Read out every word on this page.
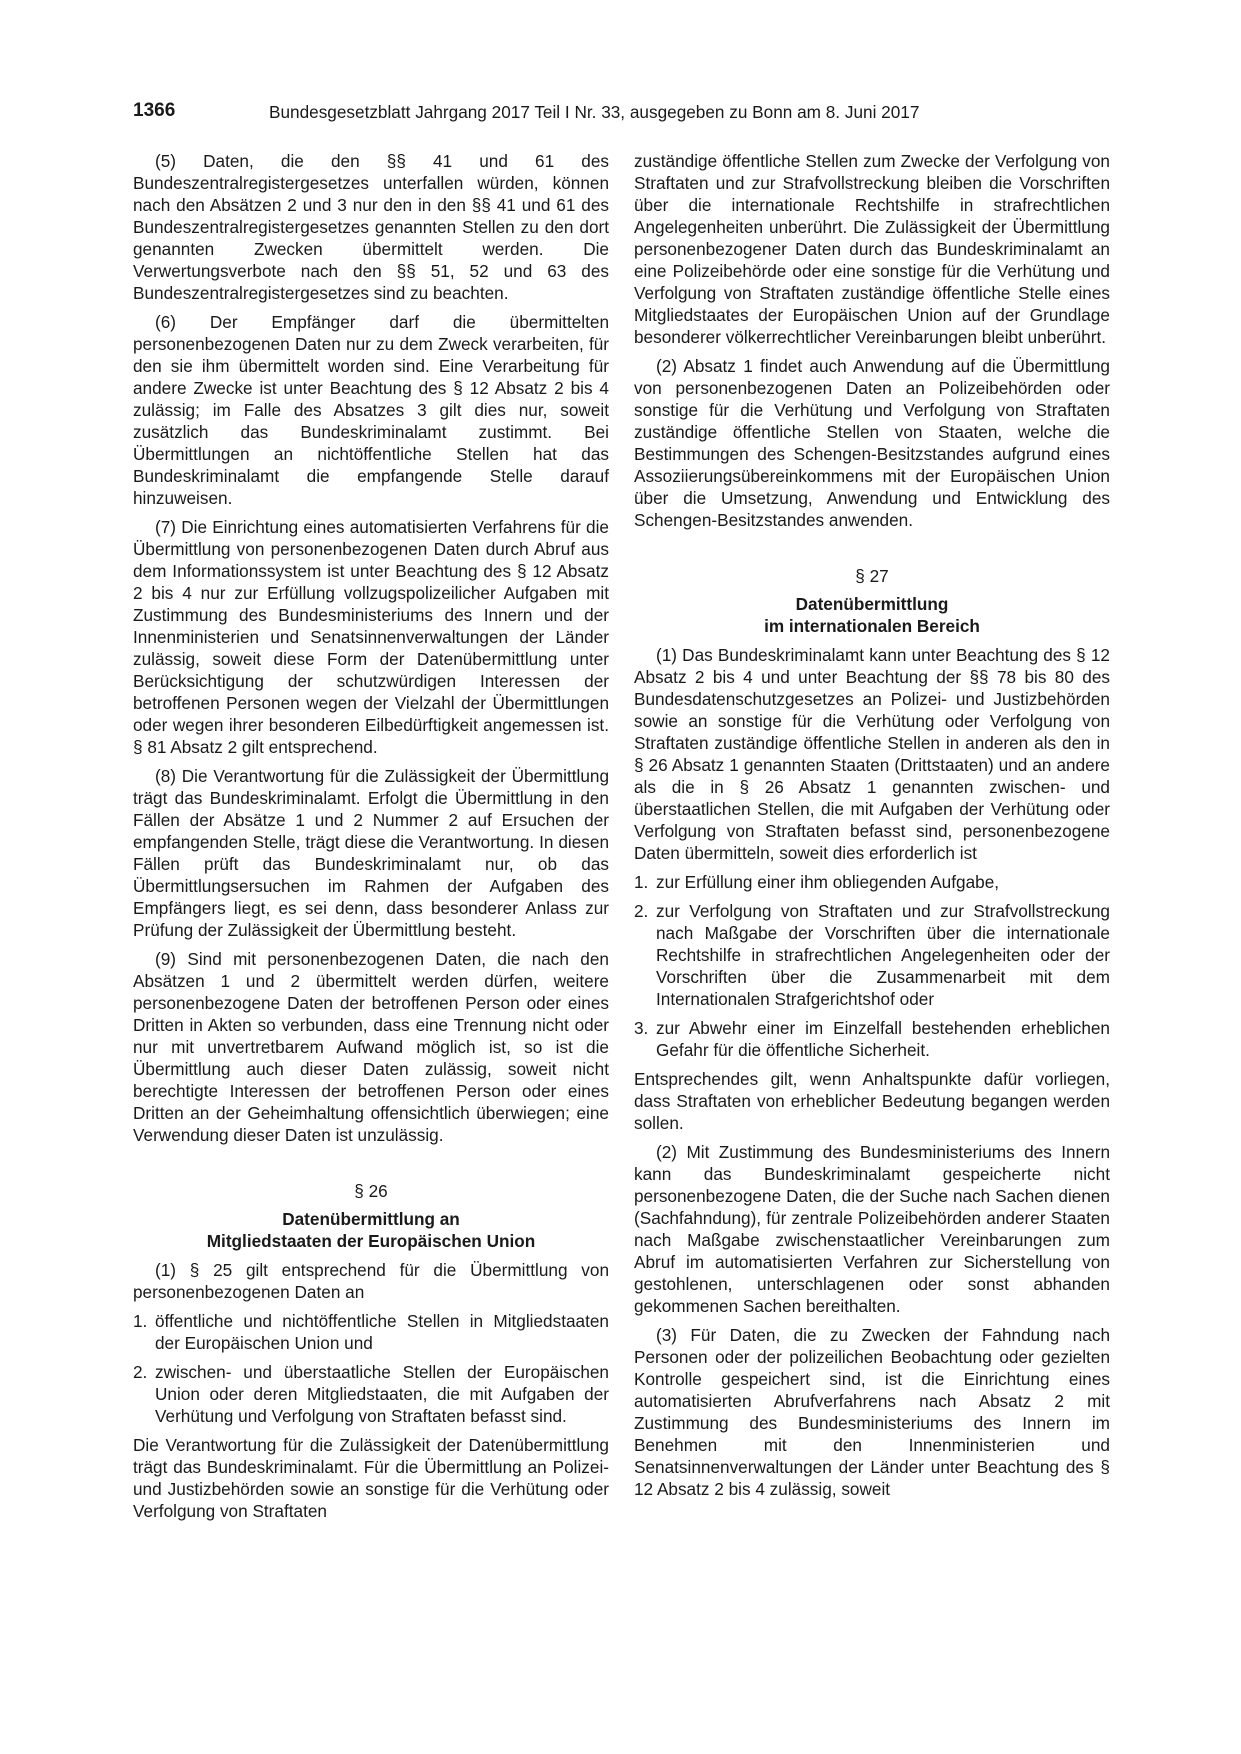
1366	Bundesgesetzblatt Jahrgang 2017 Teil I Nr. 33, ausgegeben zu Bonn am 8. Juni 2017

(5) Daten, die den §§ 41 und 61 des Bundeszentralregistergesetzes unterfallen würden, können nach den Absätzen 2 und 3 nur den in den §§ 41 und 61 des Bundeszentralregistergesetzes genannten Stellen zu den dort genannten Zwecken übermittelt werden. Die Verwertungsverbote nach den §§ 51, 52 und 63 des Bundeszentralregistergesetzes sind zu beachten.

(6) Der Empfänger darf die übermittelten personenbezogenen Daten nur zu dem Zweck verarbeiten, für den sie ihm übermittelt worden sind. Eine Verarbeitung für andere Zwecke ist unter Beachtung des § 12 Absatz 2 bis 4 zulässig; im Falle des Absatzes 3 gilt dies nur, soweit zusätzlich das Bundeskriminalamt zustimmt. Bei Übermittlungen an nichtöffentliche Stellen hat das Bundeskriminalamt die empfangende Stelle darauf hinzuweisen.

(7) Die Einrichtung eines automatisierten Verfahrens für die Übermittlung von personenbezogenen Daten durch Abruf aus dem Informationssystem ist unter Beachtung des § 12 Absatz 2 bis 4 nur zur Erfüllung vollzugspolizeilicher Aufgaben mit Zustimmung des Bundesministeriums des Innern und der Innenministerien und Senatsinnenverwaltungen der Länder zulässig, soweit diese Form der Datenübermittlung unter Berücksichtigung der schutzwürdigen Interessen der betroffenen Personen wegen der Vielzahl der Übermittlungen oder wegen ihrer besonderen Eilbedürftigkeit angemessen ist. § 81 Absatz 2 gilt entsprechend.

(8) Die Verantwortung für die Zulässigkeit der Übermittlung trägt das Bundeskriminalamt. Erfolgt die Übermittlung in den Fällen der Absätze 1 und 2 Nummer 2 auf Ersuchen der empfangenden Stelle, trägt diese die Verantwortung. In diesen Fällen prüft das Bundeskriminalamt nur, ob das Übermittlungsersuchen im Rahmen der Aufgaben des Empfängers liegt, es sei denn, dass besonderer Anlass zur Prüfung der Zulässigkeit der Übermittlung besteht.

(9) Sind mit personenbezogenen Daten, die nach den Absätzen 1 und 2 übermittelt werden dürfen, weitere personenbezogene Daten der betroffenen Person oder eines Dritten in Akten so verbunden, dass eine Trennung nicht oder nur mit unvertretbarem Aufwand möglich ist, so ist die Übermittlung auch dieser Daten zulässig, soweit nicht berechtigte Interessen der betroffenen Person oder eines Dritten an der Geheimhaltung offensichtlich überwiegen; eine Verwendung dieser Daten ist unzulässig.

§ 26
Datenübermittlung an
Mitgliedstaaten der Europäischen Union

(1) § 25 gilt entsprechend für die Übermittlung von personenbezogenen Daten an

1. öffentliche und nichtöffentliche Stellen in Mitgliedstaaten der Europäischen Union und
2. zwischen- und überstaatliche Stellen der Europäischen Union oder deren Mitgliedstaaten, die mit Aufgaben der Verhütung und Verfolgung von Straftaten befasst sind.

Die Verantwortung für die Zulässigkeit der Datenübermittlung trägt das Bundeskriminalamt. Für die Übermittlung an Polizei- und Justizbehörden sowie an sonstige für die Verhütung oder Verfolgung von Straftaten

zuständige öffentliche Stellen zum Zwecke der Verfolgung von Straftaten und zur Strafvollstreckung bleiben die Vorschriften über die internationale Rechtshilfe in strafrechtlichen Angelegenheiten unberührt. Die Zulässigkeit der Übermittlung personenbezogener Daten durch das Bundeskriminalamt an eine Polizeibehörde oder eine sonstige für die Verhütung und Verfolgung von Straftaten zuständige öffentliche Stelle eines Mitgliedstaates der Europäischen Union auf der Grundlage besonderer völkerrechtlicher Vereinbarungen bleibt unberührt.

(2) Absatz 1 findet auch Anwendung auf die Übermittlung von personenbezogenen Daten an Polizeibehörden oder sonstige für die Verhütung und Verfolgung von Straftaten zuständige öffentliche Stellen von Staaten, welche die Bestimmungen des Schengen-Besitzstandes aufgrund eines Assoziierungsübereinkommens mit der Europäischen Union über die Umsetzung, Anwendung und Entwicklung des Schengen-Besitzstandes anwenden.

§ 27
Datenübermittlung
im internationalen Bereich

(1) Das Bundeskriminalamt kann unter Beachtung des § 12 Absatz 2 bis 4 und unter Beachtung der §§ 78 bis 80 des Bundesdatenschutzgesetzes an Polizei- und Justizbehörden sowie an sonstige für die Verhütung oder Verfolgung von Straftaten zuständige öffentliche Stellen in anderen als den in § 26 Absatz 1 genannten Staaten (Drittstaaten) und an andere als die in § 26 Absatz 1 genannten zwischen- und überstaatlichen Stellen, die mit Aufgaben der Verhütung oder Verfolgung von Straftaten befasst sind, personenbezogene Daten übermitteln, soweit dies erforderlich ist

1. zur Erfüllung einer ihm obliegenden Aufgabe,
2. zur Verfolgung von Straftaten und zur Strafvollstreckung nach Maßgabe der Vorschriften über die internationale Rechtshilfe in strafrechtlichen Angelegenheiten oder der Vorschriften über die Zusammenarbeit mit dem Internationalen Strafgerichtshof oder
3. zur Abwehr einer im Einzelfall bestehenden erheblichen Gefahr für die öffentliche Sicherheit.

Entsprechendes gilt, wenn Anhaltspunkte dafür vorliegen, dass Straftaten von erheblicher Bedeutung begangen werden sollen.

(2) Mit Zustimmung des Bundesministeriums des Innern kann das Bundeskriminalamt gespeicherte nicht personenbezogene Daten, die der Suche nach Sachen dienen (Sachfahndung), für zentrale Polizeibehörden anderer Staaten nach Maßgabe zwischenstaatlicher Vereinbarungen zum Abruf im automatisierten Verfahren zur Sicherstellung von gestohlenen, unterschlagenen oder sonst abhanden gekommenen Sachen bereithalten.

(3) Für Daten, die zu Zwecken der Fahndung nach Personen oder der polizeilichen Beobachtung oder gezielten Kontrolle gespeichert sind, ist die Einrichtung eines automatisierten Abrufverfahrens nach Absatz 2 mit Zustimmung des Bundesministeriums des Innern im Benehmen mit den Innenministerien und Senatsinnenverwaltungen der Länder unter Beachtung des § 12 Absatz 2 bis 4 zulässig, soweit
